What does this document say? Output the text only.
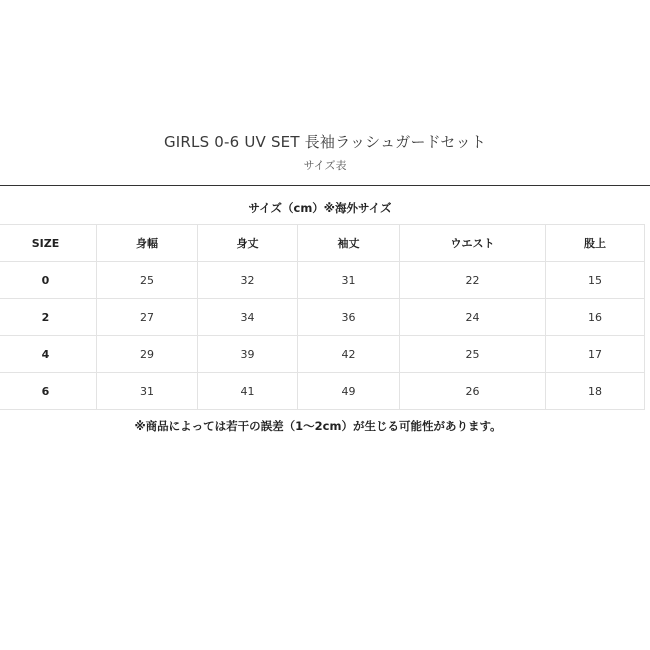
GIRLS 0-6 UV SET 長袖ラッシュガードセット
サイズ表
サイズ（cm）※海外サイズ
SIZE	身幅	身丈	袖丈	ウエスト	股上
0	25	32	31	22	15
2	27	34	36	24	16
4	29	39	42	25	17
6	31	41	49	26	18
※商品によっては若干の誤差（1〜2cm）が生じる可能性があります。
